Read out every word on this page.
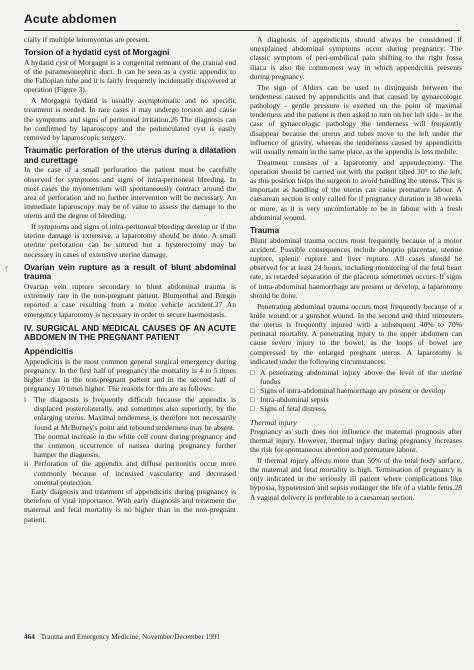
Acute abdomen
-f

cially if multiple leiomyomas are present.

Torsion of a hydatid cyst of Morgagni

A hydatid cyst of Morgagni is a congenital remnant of the cranial end of the paramesonephric duct. It can be seen as a cystic appendix to the Fallopian tube and it is fairly frequently incidentally discovered at operation (Figure 3).

A Morgagni hydatid is usually asymptomatic and no specific treatment is needed. In rare cases it may undergo torsion and cause the symptoms and signs of peritoneal irritation.26 The diagnosis can be confirmed by laparoscopy and the pedunculated cyst is easily removed by laparoscopic surgery.

Traumatic perforation of the uterus during a dilatation and curettage

In the case of a small perforation the patient must be carefully observed for symptoms and signs of intra-peritoneal bleeding. In most cases the myometrium will spontaneously contract around the area of perforation and no further intervention will be necessary. An immediate laparoscopy may be of value to assess the damage to the uterus and the degree of bleeding.

If symptoms and signs of intra-peritoneal bleeding develop or if the uterine damage is extensive, a laparotomy should be done. A small uterine perforation can be sutured but a hysterectomy may be necessary in cases of extensive uterine damage.

Ovarian vein rupture as a result of blunt abdominal trauma

Ovarian vein rupture secondary to blunt abdominal trauma is extremely rare in the non-pregnant patient. Blumenthal and Burgin reported a case resulting from a motor vehicle accident.27 An emergency laparotomy is necessary in order to secure haemostasis.

IV. SURGICAL AND MEDICAL CAUSES OF AN ACUTE ABDOMEN IN THE PREGNANT PATIENT
Appendicitis

Appendicitis is the most common general surgical emergency during pregnancy. In the first half of pregnancy the mortality is 4 to 5 times higher than in the non-pregnant patient and in the second half of pregnancy 10 times higher. The reasons for this are as follows:

i The diagnosis is frequently difficult because the appendix is displaced posterolaterally, and sometimes also superiorly, by the enlarging uterus. Maximal tenderness is therefore not necessarily found at McBurney's point and rebound tenderness may be absent.
The normal increase in the white cell count during pregnancy and the common occurrence of nausea during pregnancy further hamper the diagnosis.
ii Perforation of the appendix and diffuse peritonitis occur more commonly because of increased vascularity and decreased omental protection.

Early diagnosis and treatment of appendicitis during pregnancy is therefore of vital importance. With early diagnosis and treatment the maternal and fetal mortality is no higher than in the non-pregnant patient.

A diagnosis of appendicitis should always be considered if unexplained abdominal symptoms occur during pregnancy. The classic symptom of peri-umbilical pain shifting to the right fossa iliaca is also the commonest way in which appendicitis presents during pregnancy.

The sign of Alders can be used to distinguish between the tenderness caused by appendicitis and that caused by gynaecologic pathology - gentle pressure is exerted on the point of maximal tenderness and the patient is then asked to turn on her left side - in the case of gynaecologic pathology the tenderness will frequently disappear because the uterus and tubes move to the left under the influence of gravity, whereas the tenderness caused by appendicitis will usually remain in the same place, as the appendix is less mobile.

Treatment consists of a laparotomy and appendectomy. The operation should be carried out with the patient tilted 30° to the left, as this position helps the surgeon to avoid handling the uterus. This is important as handling of the uterus can cause premature labour. A caesarean section is only called for if pregnancy duration is 38 weeks or more, as it is very uncomfortable to be in labour with a fresh abdominal wound.

Trauma

Blunt abdominal trauma occurs most frequently because of a motor accident. Possible consequences include abruptio placentae, uterine rupture, splenic rupture and liver rupture. All cases should be observed for at least 24 hours, including monitoring of the fetal heart rate, as retarded separation of the placenta sometimes occurs. If signs of intra-abdominal haemorrhage are present or develop, a laparotomy should be done.

Penetrating abdominal trauma occurs most frequently because of a knife wound or a gunshot wound. In the second and third trimesters the uterus is frequently injured with a subsequent 40% to 70% perinatal mortality. A penetrating injury to the upper abdomen can cause severe injury to the bowel, as the loops of bowel are compressed by the enlarged pregnant uterus. A laparotomy is indicated under the following circumstances:

□ A penetrating abdominal injury above the level of the uterine fundus
□ Signs of intra-abdominal haemorrhage are present or develop
□ Intra-abdominal sepsis
□ Signs of fetal distress.
Thermal injury

Pregnancy as such does not influence the maternal prognosis after thermal injury. However, thermal injury during pregnancy increases the risk for spontaneous abortion and premature labour.

If thermal injury affects more than 50% of the total body surface, the maternal and fetal mortality is high. Termination of pregnancy is only indicated in the seriously ill patient where complications like hypoxia, hypotension and sepsis endanger the life of a viable fetus.28 A vaginal delivery is preferable to a caesarean section.

464 Trauma and Emergency Medicine, November/December 1991
